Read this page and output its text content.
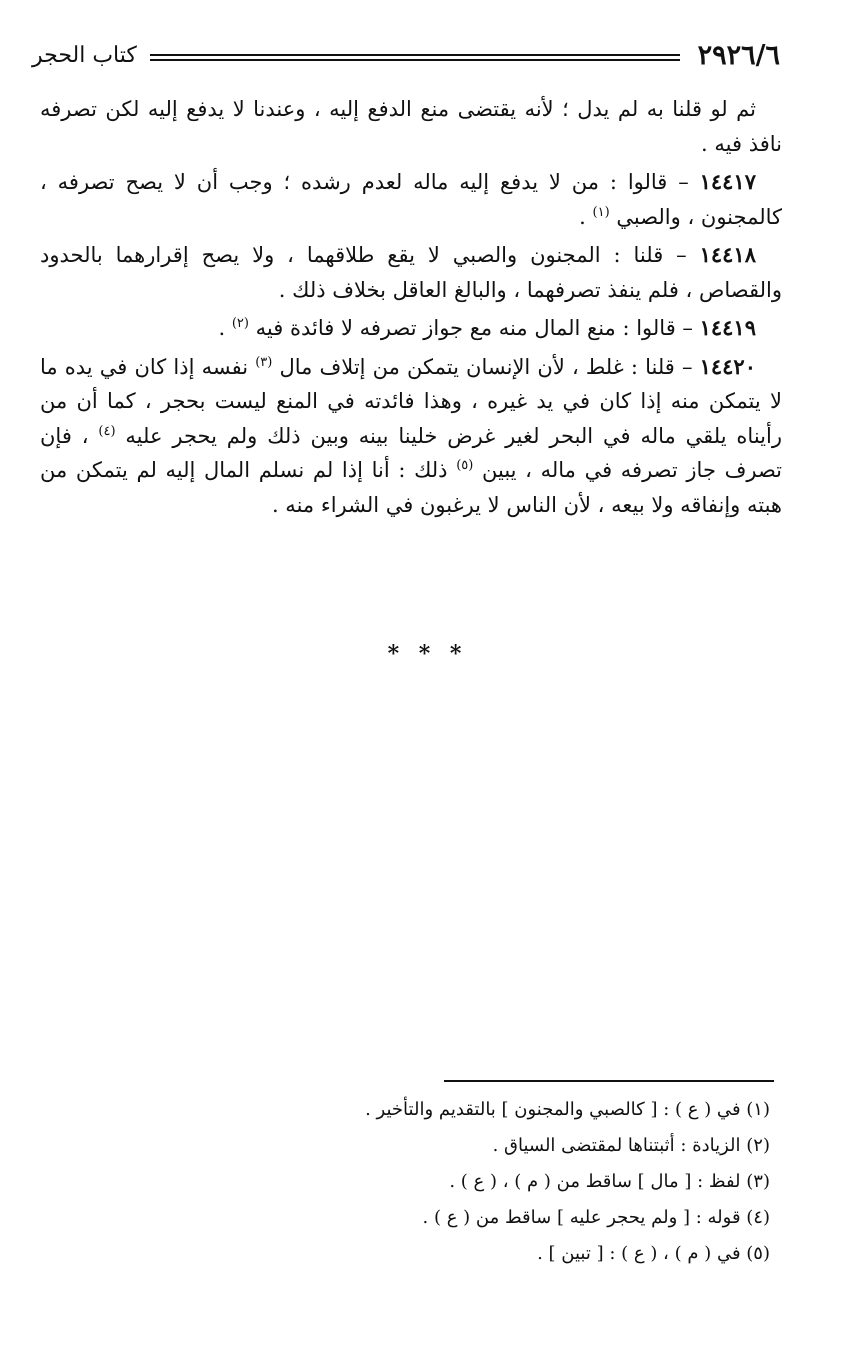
كتاب الحجر	٢٩٢٦/٦

ثم لو قلنا به لم يدل ؛ لأنه يقتضى منع الدفع إليه ، وعندنا لا يدفع إليه لكن تصرفه نافذ فيه .

١٤٤١٧ – قالوا : من لا يدفع إليه ماله لعدم رشده ؛ وجب أن لا يصح تصرفه ، كالمجنون ، والصبي $^{(١)}$ .

١٤٤١٨ – قلنا : المجنون والصبي لا يقع طلاقهما ، ولا يصح إقرارهما بالحدود والقصاص ، فلم ينفذ تصرفهما ، والبالغ العاقل بخلاف ذلك .

١٤٤١٩ – قالوا : منع المال منه مع جواز تصرفه لا فائدة فيه $^{(٢)}$ .

١٤٤٢٠ – قلنا : غلط ، لأن الإنسان يتمكن من إتلاف مال $^{(٣)}$ نفسه إذا كان في يده ما لا يتمكن منه إذا كان في يد غيره ، وهذا فائدته في المنع ليست بحجر ، كما أن من رأيناه يلقي ماله في البحر لغير غرض خلينا بينه وبين ذلك ولم يحجر عليه $^{(٤)}$ ، فإن تصرف جاز تصرفه في ماله ، يبين $^{(٥)}$ ذلك : أنا إذا لم نسلم المال إليه لم يتمكن من هبته وإنفاقه ولا بيعه ، لأن الناس لا يرغبون في الشراء منه .

* * *
(١) في ( ع ) : [ كالصبي والمجنون ] بالتقديم والتأخير .
(٢) الزيادة : أثبتناها لمقتضى السياق .
(٣) لفظ : [ مال ] ساقط من ( م ) ، ( ع ) .
(٤) قوله : [ ولم يحجر عليه ] ساقط من ( ع ) .
(٥) في ( م ) ، ( ع ) : [ تبين ] .
